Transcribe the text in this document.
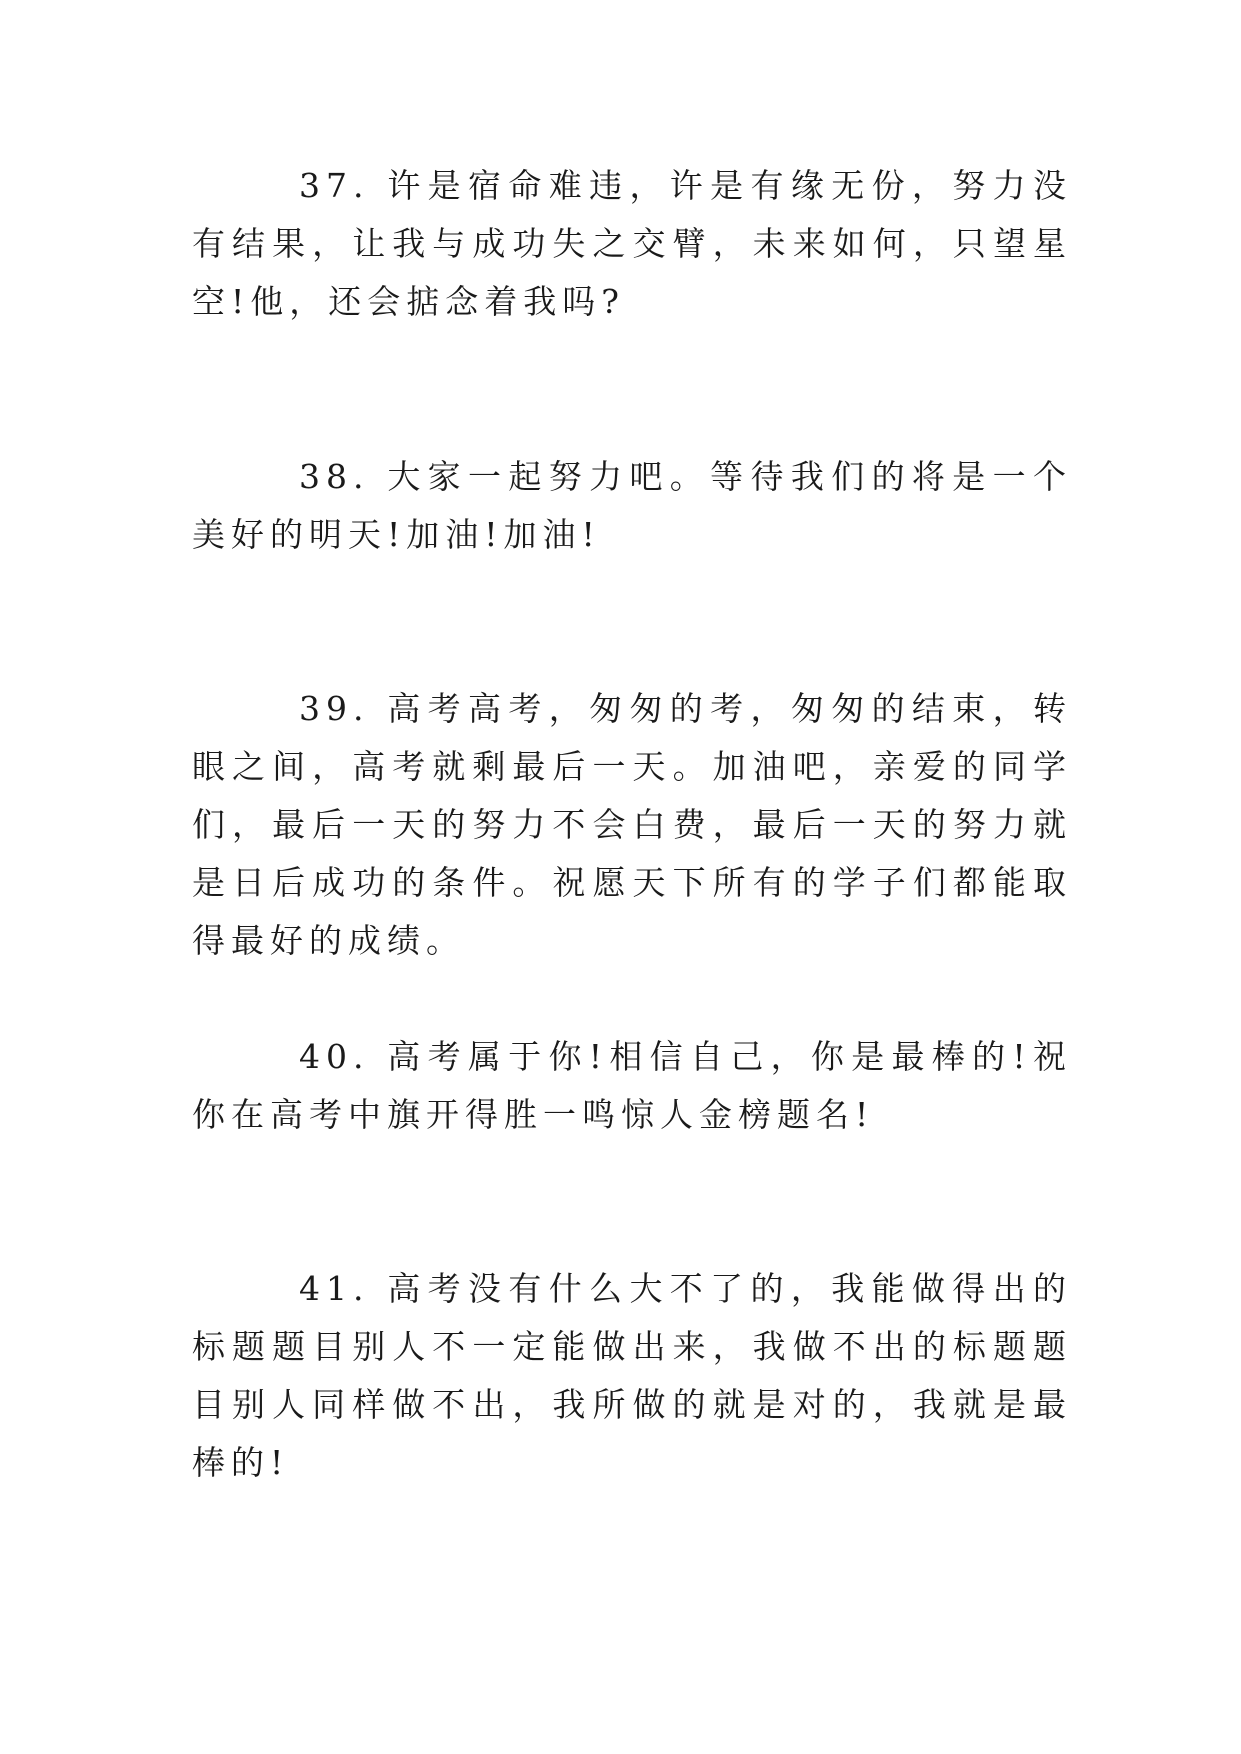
37. 许是宿命难违，许是有缘无份，努力没有结果，让我与成功失之交臂，未来如何，只望星空!他，还会掂念着我吗?

38. 大家一起努力吧。等待我们的将是一个美好的明天!加油!加油!

39. 高考高考，匆匆的考，匆匆的结束，转眼之间，高考就剩最后一天。加油吧，亲爱的同学们，最后一天的努力不会白费，最后一天的努力就是日后成功的条件。祝愿天下所有的学子们都能取得最好的成绩。

40. 高考属于你!相信自己，你是最棒的!祝你在高考中旗开得胜一鸣惊人金榜题名!

41. 高考没有什么大不了的，我能做得出的标题题目别人不一定能做出来，我做不出的标题题目别人同样做不出，我所做的就是对的，我就是最棒的!
